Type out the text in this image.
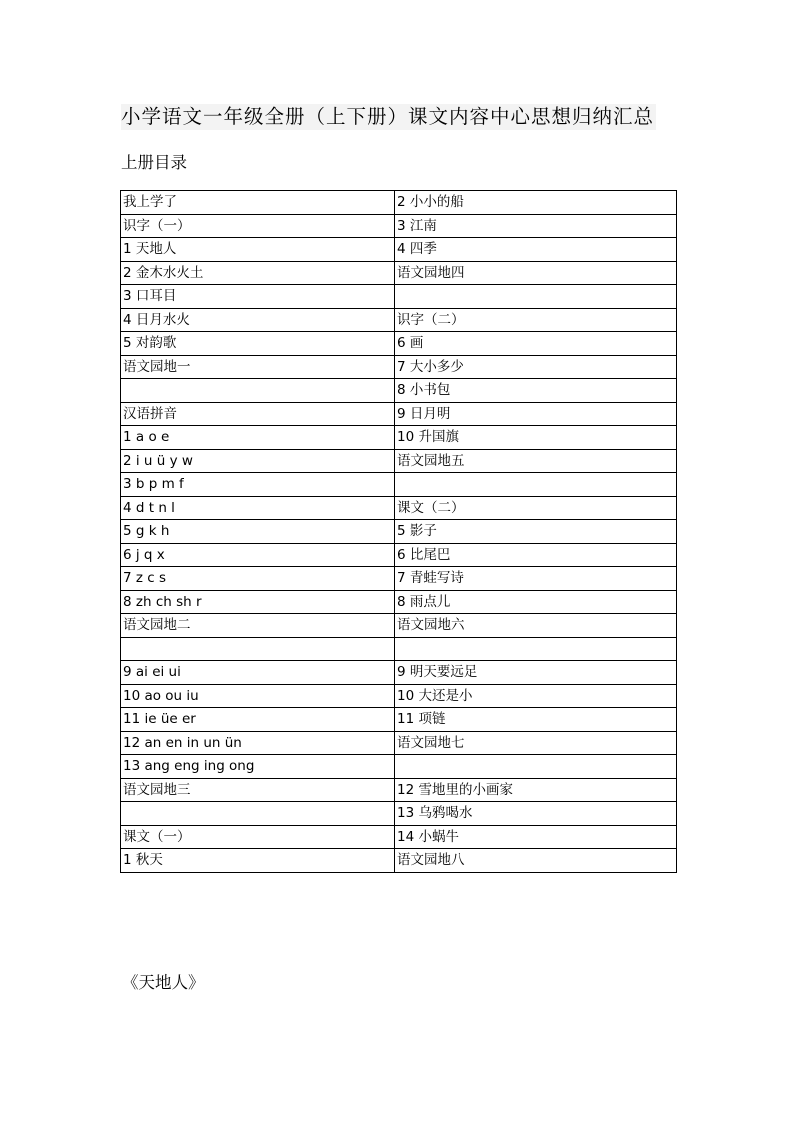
小学语文一年级全册（上下册）课文内容中心思想归纳汇总
上册目录
我上学了	2 小小的船
识字（一）	3 江南
1 天地人	4 四季
2 金木水火土	语文园地四
3 口耳目	
4 日月水火	识字（二）
5 对韵歌	6 画
语文园地一	7 大小多少
	8 小书包
汉语拼音	9 日月明
1 a o e	10 升国旗
2 i u ü y w	语文园地五
3 b p m f	
4 d t n l	课文（二）
5 g k h	5 影子
6 j q x	6 比尾巴
7 z c s	7 青蛙写诗
8 zh ch sh r	8 雨点儿
语文园地二	语文园地六

9 ai ei ui	9 明天要远足
10 ao ou iu	10 大还是小
11 ie üe er	11 项链
12 an en in un ün	语文园地七
13 ang eng ing ong	
语文园地三	12 雪地里的小画家
	13 乌鸦喝水
课文（一）	14 小蜗牛
1 秋天	语文园地八
《天地人》
